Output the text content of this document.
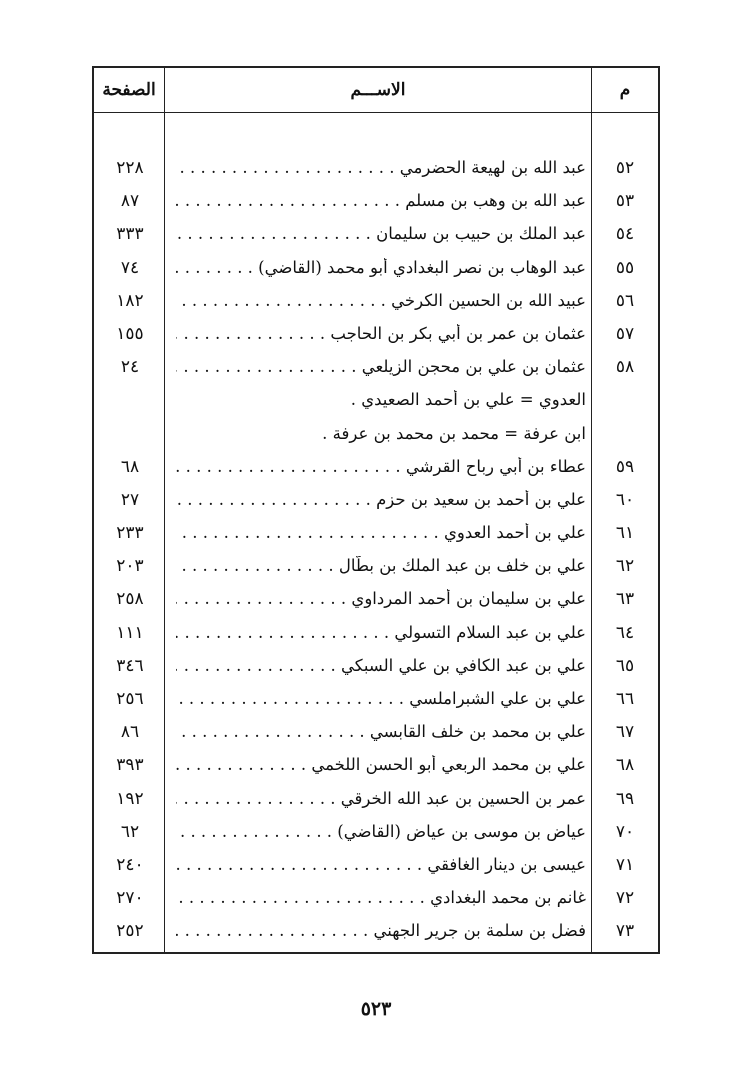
الصفحة	الاســـم	م
٥٢
عبد الله بن لهيعة الحضرمي . . .
٢٢٨
٥٣
عبد الله بن وهب بن مسلم . . .
٨٧
٥٤
عبد الملك بن حبيب بن سليمان . . .
٣٣٣
٥٥
عبد الوهاب بن نصر البغدادي أبو محمد (القاضي) . . .
٧٤
٥٦
عبيد الله بن الحسين الكرخي . . .
١٨٢
٥٧
عثمان بن عمر بن أبي بكر بن الحاجب . . .
١٥٥
٥٨
عثمان بن علي بن محجن الزيلعي . . .
٢٤
العدوي = علي بن أحمد الصعيدي .
ابن عرفة = محمد بن محمد بن عرفة .
٥٩
عطاء بن أبي رباح القرشي . . .
٦٨
٦٠
علي بن أحمد بن سعيد بن حزم . . .
٢٧
٦١
علي بن أحمد العدوي . . .
٢٣٣
٦٢
علي بن خلف بن عبد الملك بن بطّال . . .
٢٠٣
٦٣
علي بن سليمان بن أحمد المرداوي . . .
٢٥٨
٦٤
علي بن عبد السلام التسولي . . .
١١١
٦٥
علي بن عبد الكافي بن علي السبكي . . .
٣٤٦
٦٦
علي بن علي الشبراملسي . . .
٢٥٦
٦٧
علي بن محمد بن خلف القابسي . . .
٨٦
٦٨
علي بن محمد الربعي أبو الحسن اللخمي . . .
٣٩٣
٦٩
عمر بن الحسين بن عبد الله الخرقي . . .
١٩٢
٧٠
عياض بن موسى بن عياض (القاضي) . . .
٦٢
٧١
عيسى بن دينار الغافقي . . .
٢٤٠
٧٢
غانم بن محمد البغدادي . . .
٢٧٠
٧٣
فضل بن سلمة بن جرير الجهني . . .
٢٥٢
٥٢٣
